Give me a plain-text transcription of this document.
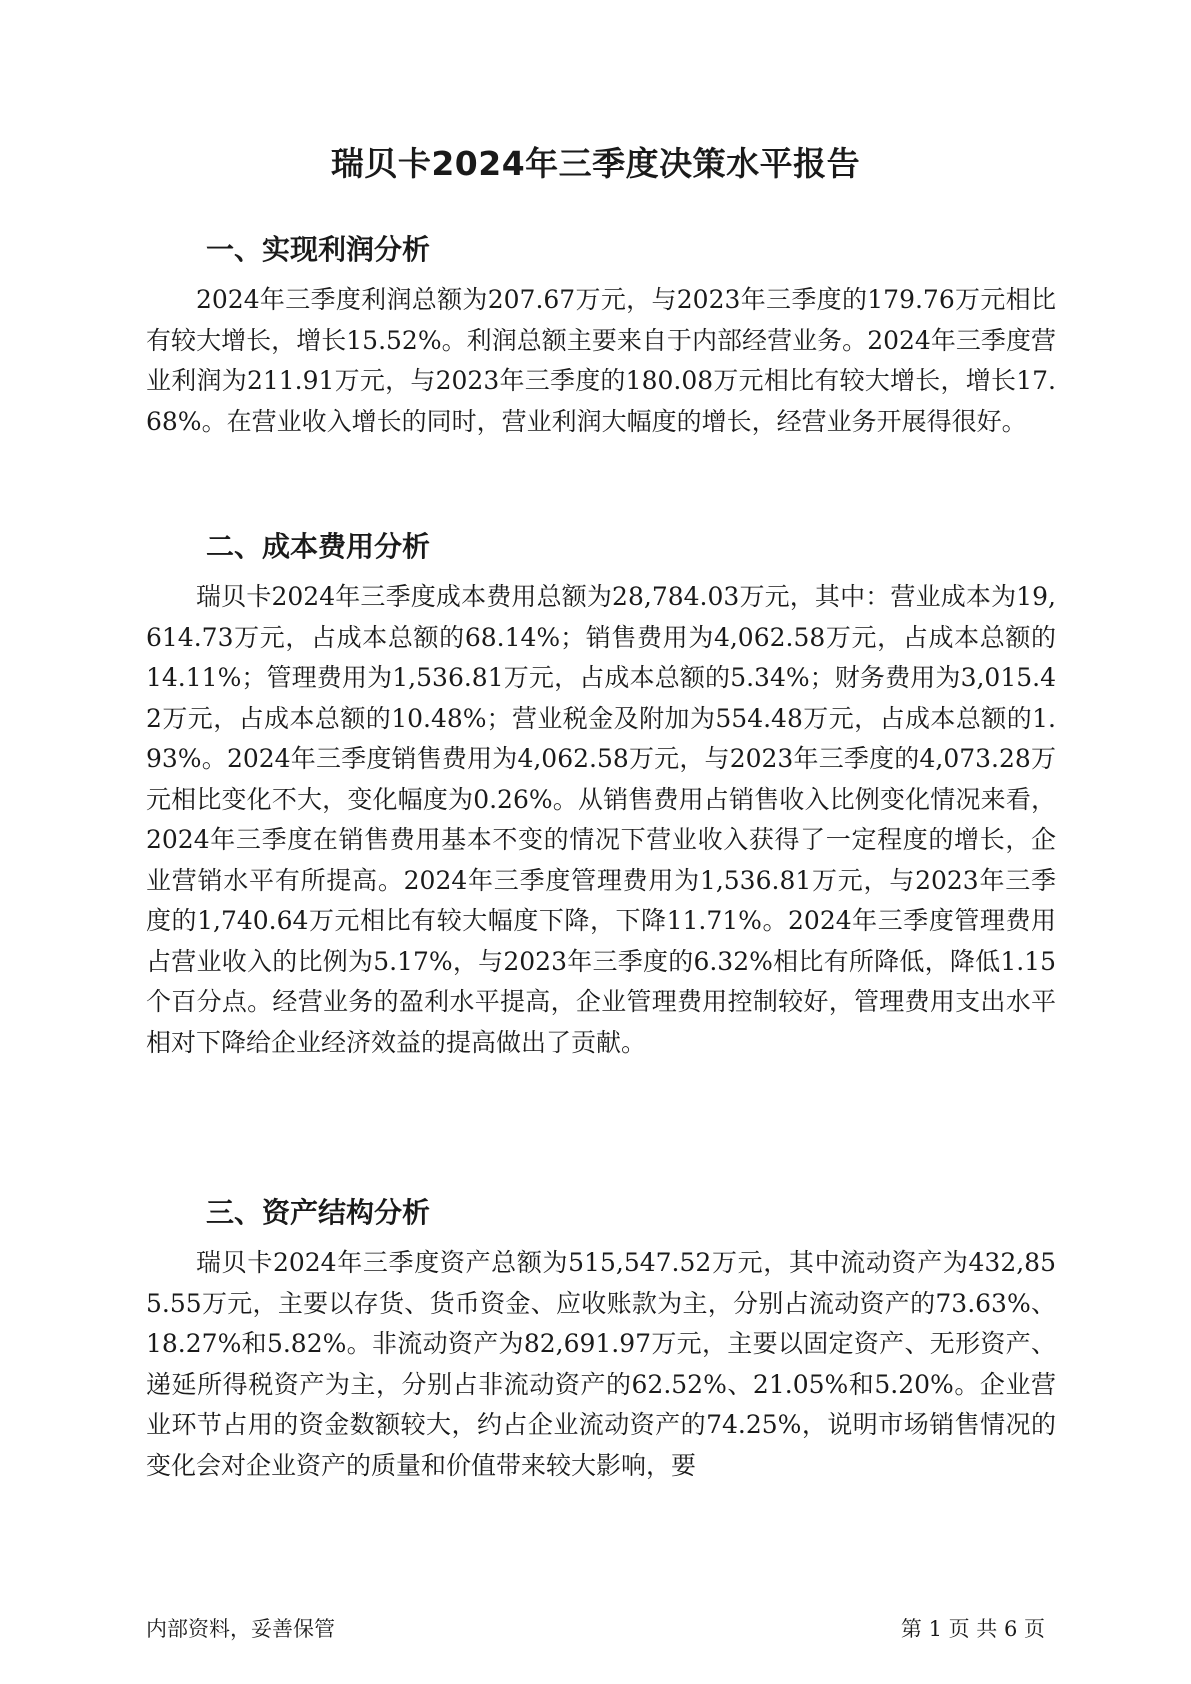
瑞贝卡2024年三季度决策水平报告
一、实现利润分析

2024年三季度利润总额为207.67万元，与2023年三季度的179.76万元相比有较大增长，增长15.52%。利润总额主要来自于内部经营业务。2024年三季度营业利润为211.91万元，与2023年三季度的180.08万元相比有较大增长，增长17.68%。在营业收入增长的同时，营业利润大幅度的增长，经营业务开展得很好。

二、成本费用分析

瑞贝卡2024年三季度成本费用总额为28,784.03万元，其中：营业成本为19,614.73万元，占成本总额的68.14%；销售费用为4,062.58万元，占成本总额的14.11%；管理费用为1,536.81万元，占成本总额的5.34%；财务费用为3,015.42万元，占成本总额的10.48%；营业税金及附加为554.48万元，占成本总额的1.93%。2024年三季度销售费用为4,062.58万元，与2023年三季度的4,073.28万元相比变化不大，变化幅度为0.26%。从销售费用占销售收入比例变化情况来看，2024年三季度在销售费用基本不变的情况下营业收入获得了一定程度的增长，企业营销水平有所提高。2024年三季度管理费用为1,536.81万元，与2023年三季度的1,740.64万元相比有较大幅度下降，下降11.71%。2024年三季度管理费用占营业收入的比例为5.17%，与2023年三季度的6.32%相比有所降低，降低1.15个百分点。经营业务的盈利水平提高，企业管理费用控制较好，管理费用支出水平相对下降给企业经济效益的提高做出了贡献。

三、资产结构分析

瑞贝卡2024年三季度资产总额为515,547.52万元，其中流动资产为432,855.55万元，主要以存货、货币资金、应收账款为主，分别占流动资产的73.63%、18.27%和5.82%。非流动资产为82,691.97万元，主要以固定资产、无形资产、递延所得税资产为主，分别占非流动资产的62.52%、21.05%和5.20%。企业营业环节占用的资金数额较大，约占企业流动资产的74.25%，说明市场销售情况的变化会对企业资产的质量和价值带来较大影响，要

内部资料，妥善保管	第 1 页 共 6 页
